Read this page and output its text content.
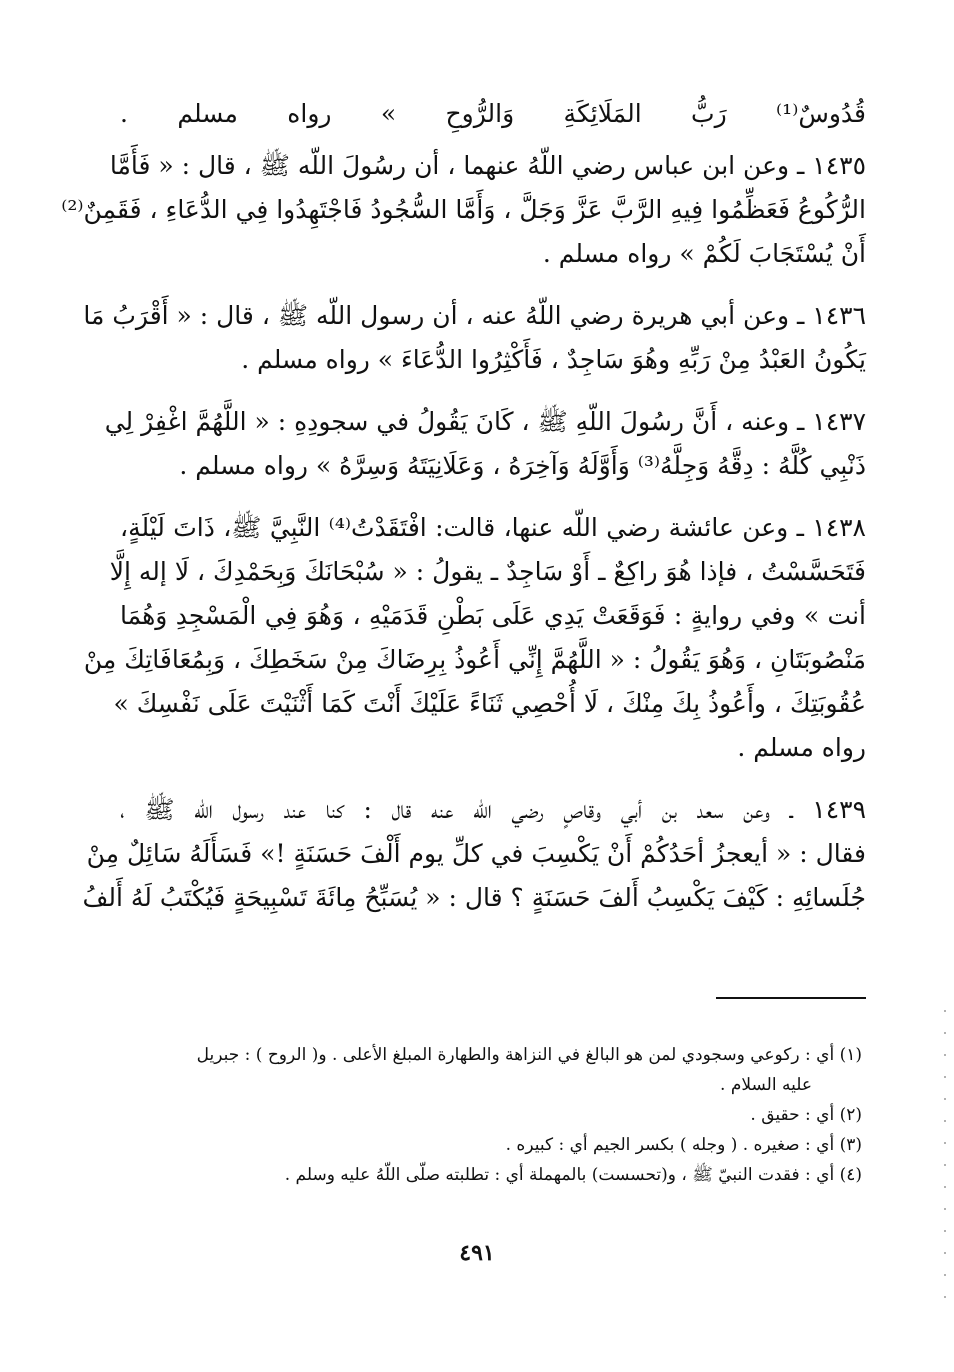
قُدُوسٌ⁽¹⁾ رَبُّ المَلَائِكَةِ وَالرُّوحِ » رواه مسلم .
١٤٣٥ ـ وعن ابن عباس رضي اللّهُ عنهما ، أن رسُولَ اللّه ﷺ ، قال : « فَأَمَّا
الرُّكُوعُ فَعَظِّمُوا فِيهِ الرَّبَّ عَزَّ وَجَلَّ ، وَأَمَّا السُّجُودُ فَاجْتَهِدُوا فِي الدُّعَاءِ ، فَقَمِنٌ⁽²⁾
أَنْ يُسْتَجَابَ لَكُمْ » رواه مسلم .
١٤٣٦ ـ وعن أبي هريرة رضي اللّهُ عنه ، أن رسول اللّه ﷺ ، قال : « أَقْرَبُ مَا
يَكُونُ العَبْدُ مِنْ رَبِّهِ وهُوَ سَاجِدٌ ، فَأَكْثِرُوا الدُّعَاءَ » رواه مسلم .
١٤٣٧ ـ وعنه ، أَنَّ رسُولَ اللّهِ ﷺ ، كَانَ يَقُولُ في سجودِهِ : « اللَّهُمَّ اغْفِرْ لِي
ذَنْبِي كُلَّهُ : دِقَّهُ وَجِلَّهُ⁽³⁾ وَأَوَّلَهُ وَآخِرَهُ ، وَعَلَانِيَتَهُ وَسِرَّهُ » رواه مسلم .
١٤٣٨ ـ وعن عائشة رضي اللّه عنها، قالت: افْتَقَدْتُ⁽⁴⁾ النَّبِيَّ ﷺ، ذَاتَ لَيْلَةٍ،
فَتَحَسَّسْتُ ، فإذا هُوَ راكِعٌ ـ أَوْ سَاجِدٌ ـ يقولُ : « سُبْحَانَكَ وَبِحَمْدِكَ ، لَا إله إِلَّا
أنت » وفي روايةٍ : فَوَقَعَتْ يَدِي عَلَى بَطْنِ قَدَمَيْهِ ، وَهُوَ فِي الْمَسْجِدِ وَهُمَا
مَنْصُوبَتَانِ ، وَهُوَ يَقُولُ : « اللَّهُمَّ إِنِّي أَعُوذُ بِرِضَاكَ مِنْ سَخَطِكَ ، وَبِمُعَافَاتِكَ مِنْ
عُقُوبَتِكَ ، وأَعُوذُ بِكَ مِنْكَ ، لَا أُحْصِي ثَنَاءً عَلَيْكَ أَنْتَ كَمَا أَثْنَيْتَ عَلَى نَفْسِكَ »
رواه مسلم .
١٤٣٩ ـ وعن سعد بن أبي وقاصٍ رضي اللّه عنه قال : كنا عند رسول اللّه ﷺ ،
فقال : « أيعجزُ أحَدُكُمْ أَنْ يَكْسِبَ في كلِّ يوم أَلْفَ حَسَنَةٍ !» فَسَأَلَهُ سَائِلٌ مِنْ
جُلَسائِهِ : كَيْفَ يَكْسِبُ أَلفَ حَسَنَةٍ ؟ قال : « يُسَبِّحُ مِائَةَ تَسْبِيحَةٍ فَيُكْتَبُ لَهُ أَلفُ
(١) أي : ركوعي وسجودي لمن هو البالغ في النزاهة والطهارة المبلغ الأعلى . و( الروح ) : جبريل
عليه السلام .
(٢) أي : حقيق .
(٣) أي : صغيره . ( وجله ) بكسر الجيم أي : كبيره .
(٤) أي : فقدت النبيّ ﷺ ، و(تحسست) بالمهملة أي : تطلبته صلّى اللّهُ عليه وسلم .
٤٩١
